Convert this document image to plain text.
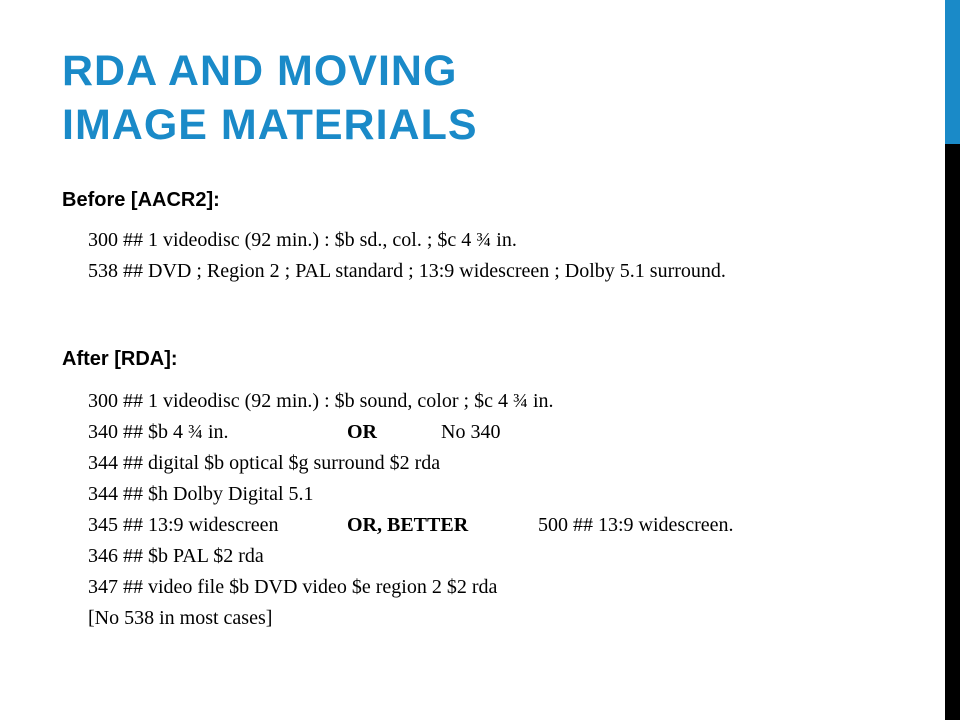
RDA AND MOVING
IMAGE MATERIALS
Before [AACR2]:
300 ## 1 videodisc (92 min.) : $b sd., col. ; $c 4 ¾ in.
538 ## DVD ; Region 2 ; PAL standard ; 13:9 widescreen ; Dolby 5.1 surround.
After [RDA]:
300 ## 1 videodisc (92 min.) : $b sound, color ; $c 4 ¾ in.
340 ## $b 4 ¾ in.	OR	No 340
344 ## digital $b optical $g surround $2 rda
344 ## $h Dolby Digital 5.1
345 ## 13:9 widescreen	OR, BETTER	500 ## 13:9 widescreen.
346 ## $b PAL $2 rda
347 ## video file $b DVD video $e region 2 $2 rda
[No 538 in most cases]
